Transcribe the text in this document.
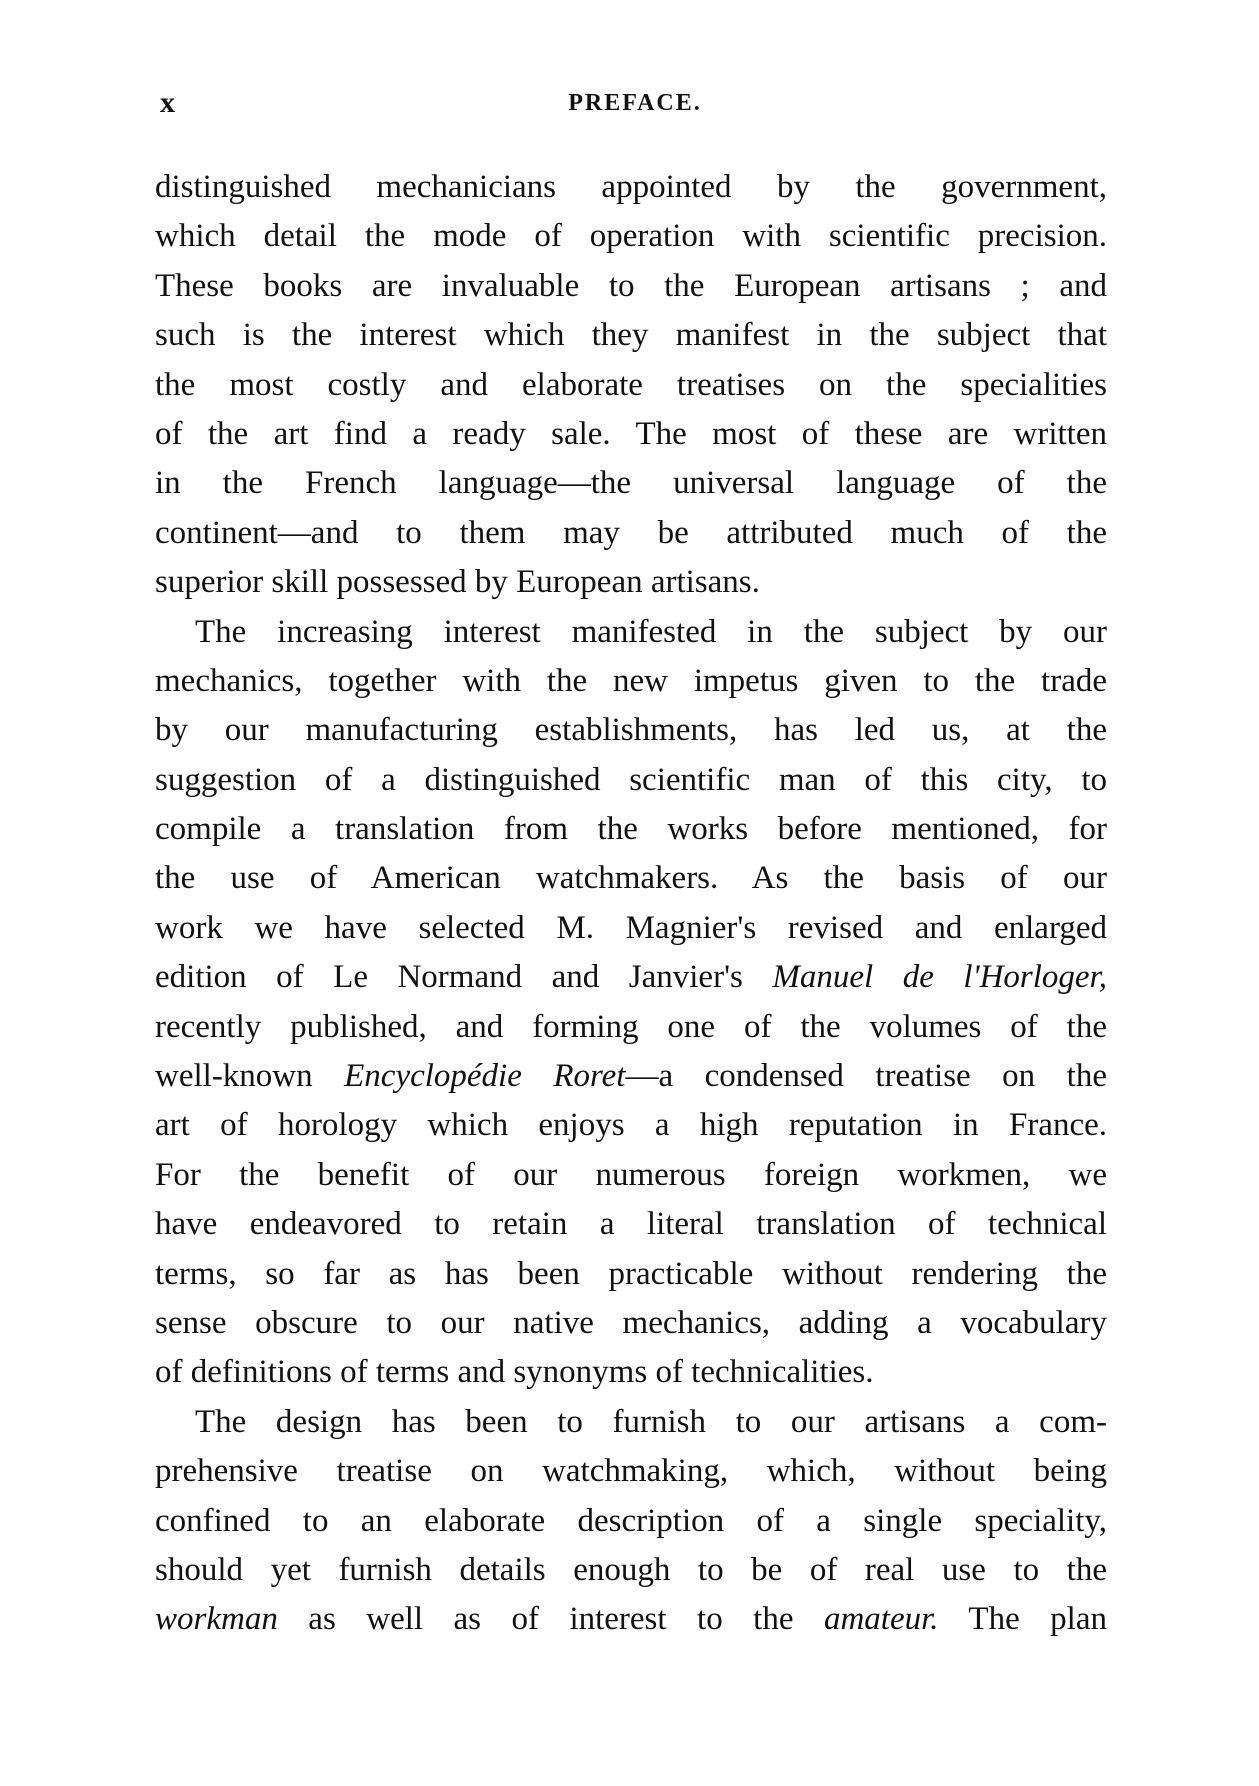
x	PREFACE.
distinguished mechanicians appointed by the government,
which detail the mode of operation with scientific precision.
These books are invaluable to the European artisans ; and
such is the interest which they manifest in the subject that
the most costly and elaborate treatises on the specialities
of the art find a ready sale. The most of these are written
in the French language—the universal language of the
continent—and to them may be attributed much of the
superior skill possessed by European artisans.
The increasing interest manifested in the subject by our
mechanics, together with the new impetus given to the trade
by our manufacturing establishments, has led us, at the
suggestion of a distinguished scientific man of this city, to
compile a translation from the works before mentioned, for
the use of American watchmakers. As the basis of our
work we have selected M. Magnier's revised and enlarged
edition of Le Normand and Janvier's Manuel de l'Horloger,
recently published, and forming one of the volumes of the
well-known Encyclopédie Roret—a condensed treatise on the
art of horology which enjoys a high reputation in France.
For the benefit of our numerous foreign workmen, we
have endeavored to retain a literal translation of technical
terms, so far as has been practicable without rendering the
sense obscure to our native mechanics, adding a vocabulary
of definitions of terms and synonyms of technicalities.
The design has been to furnish to our artisans a com-
prehensive treatise on watchmaking, which, without being
confined to an elaborate description of a single speciality,
should yet furnish details enough to be of real use to the
workman as well as of interest to the amateur. The plan
